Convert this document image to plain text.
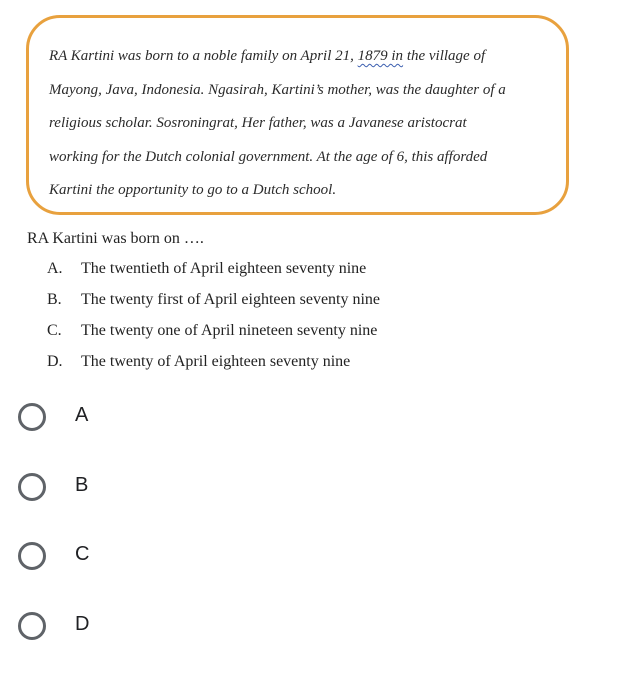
RA Kartini was born to a noble family on April 21, 1879 in the village of
Mayong, Java, Indonesia. Ngasirah, Kartini’s mother, was the daughter of a
religious scholar. Sosroningrat, Her father, was a Javanese aristocrat
working for the Dutch colonial government. At the age of 6, this afforded
Kartini the opportunity to go to a Dutch school.
RA Kartini was born on ….
A. The twentieth of April eighteen seventy nine
B. The twenty first of April eighteen seventy nine
C. The twenty one of April nineteen seventy nine
D. The twenty of April eighteen seventy nine
A
B
C
D
